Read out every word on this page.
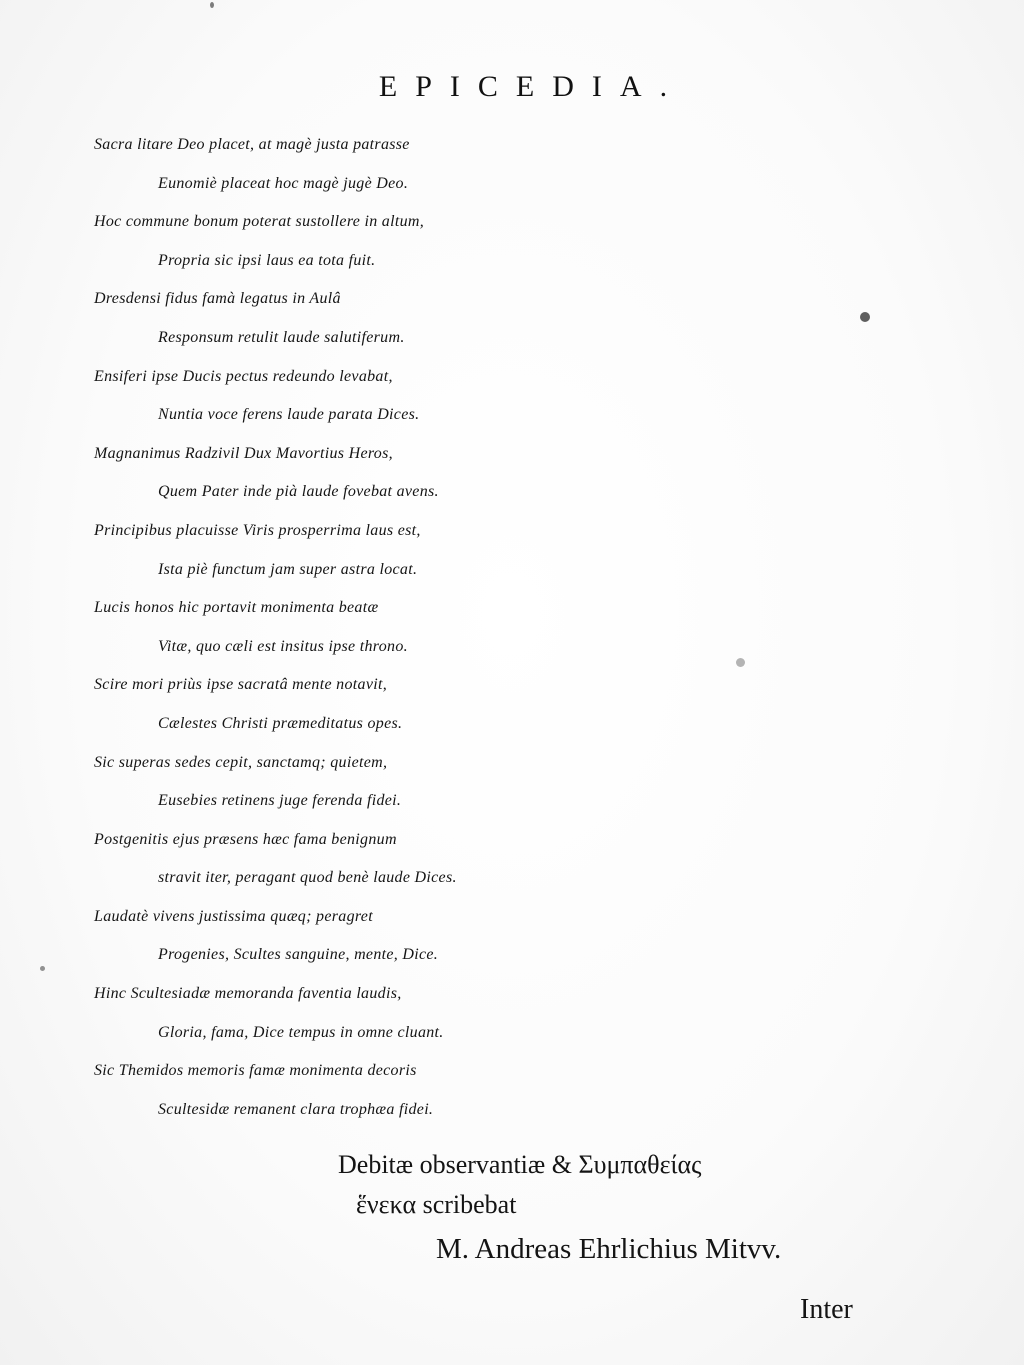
EPICEDIA.
Sacra litare Deo placet, at magè justa patrasse
Eunomiè placeat hoc magè jugè Deo.
Hoc commune bonum poterat sustollere in altum,
Propria sic ipsi laus ea tota fuit.
Dresdensi fidus famà legatus in Aulâ
Responsum retulit laude salutiferum.
Ensiferi ipse Ducis pectus redeundo levabat,
Nuntia voce ferens laude parata Dices.
Magnanimus Radzivil Dux Mavortius Heros,
Quem Pater inde pià laude fovebat avens.
Principibus placuisse Viris prosperrima laus est,
Ista piè functum jam super astra locat.
Lucis honos hic portavit monimenta beatæ
Vitæ, quo cæli est insitus ipse throno.
Scire mori priùs ipse sacratâ mente notavit,
Cælestes Christi præmeditatus opes.
Sic superas sedes cepit, sanctamq; quietem,
Eusebies retinens juge ferenda fidei.
Postgenitis ejus præsens hæc fama benignum
stravit iter, peragant quod benè laude Dices.
Laudatè vivens justissima quæq; peragret
Progenies, Scultes sanguine, mente, Dice.
Hinc Scultesiadæ memoranda faventia laudis,
Gloria, fama, Dice tempus in omne cluant.
Sic Themidos memoris famæ monimenta decoris
Scultesidæ remanent clara trophæa fidei.
Debitæ observantiæ & Συμπαθείας
ἕνεκα scribebat
M. Andreas Ehrlichius Mitvv.
Inter
